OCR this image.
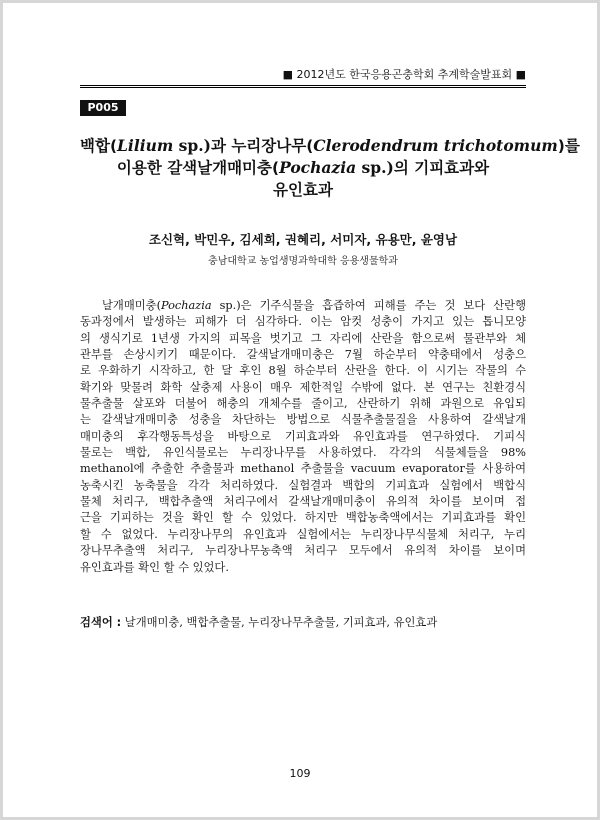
■ 2012년도 한국응용곤충학회 추계학술발표회 ■
P005
백합(Lilium sp.)과 누리장나무(Clerodendrum trichotomum)를
이용한 갈색날개매미충(Pochazia sp.)의 기피효과와
유인효과
조신혁, 박민우, 김세희, 권혜리, 서미자, 유용만, 윤영남
충남대학교 농업생명과학대학 응용생물학과
날개매미충(Pochazia sp.)은 기주식물을 흡즙하여 피해를 주는 것 보다 산란행
동과정에서 발생하는 피해가 더 심각하다. 이는 암컷 성충이 가지고 있는 톱니모양
의 생식기로 1년생 가지의 피목을 벗기고 그 자리에 산란을 함으로써 물관부와 체
관부를 손상시키기 때문이다. 갈색날개매미충은 7월 하순부터 약충태에서 성충으
로 우화하기 시작하고, 한 달 후인 8월 하순부터 산란을 한다. 이 시기는 작물의 수
확기와 맞물려 화학 살충제 사용이 매우 제한적일 수밖에 없다. 본 연구는 친환경식
물추출물 살포와 더불어 해충의 개체수를 줄이고, 산란하기 위해 과원으로 유입되
는 갈색날개매미충 성충을 차단하는 방법으로 식물추출물질을 사용하여 갈색날개
매미충의 후각행동특성을 바탕으로 기피효과와 유인효과를 연구하였다. 기피식
물로는 백합, 유인식물로는 누리장나무를 사용하였다. 각각의 식물체들을 98%
methanol에 추출한 추출물과 methanol 추출물을 vacuum evaporator를 사용하여
농축시킨 농축물을 각각 처리하였다. 실험결과 백합의 기피효과 실험에서 백합식
물체 처리구, 백합추출액 처리구에서 갈색날개매미충이 유의적 차이를 보이며 접
근을 기피하는 것을 확인 할 수 있었다. 하지만 백합농축액에서는 기피효과를 확인
할 수 없었다. 누리장나무의 유인효과 실험에서는 누리장나무식물체 처리구, 누리
장나무추출액 처리구, 누리장나무농축액 처리구 모두에서 유의적 차이를 보이며
유인효과를 확인 할 수 있었다.
검색어 : 날개매미충, 백합추출물, 누리장나무추출물, 기피효과, 유인효과
109
